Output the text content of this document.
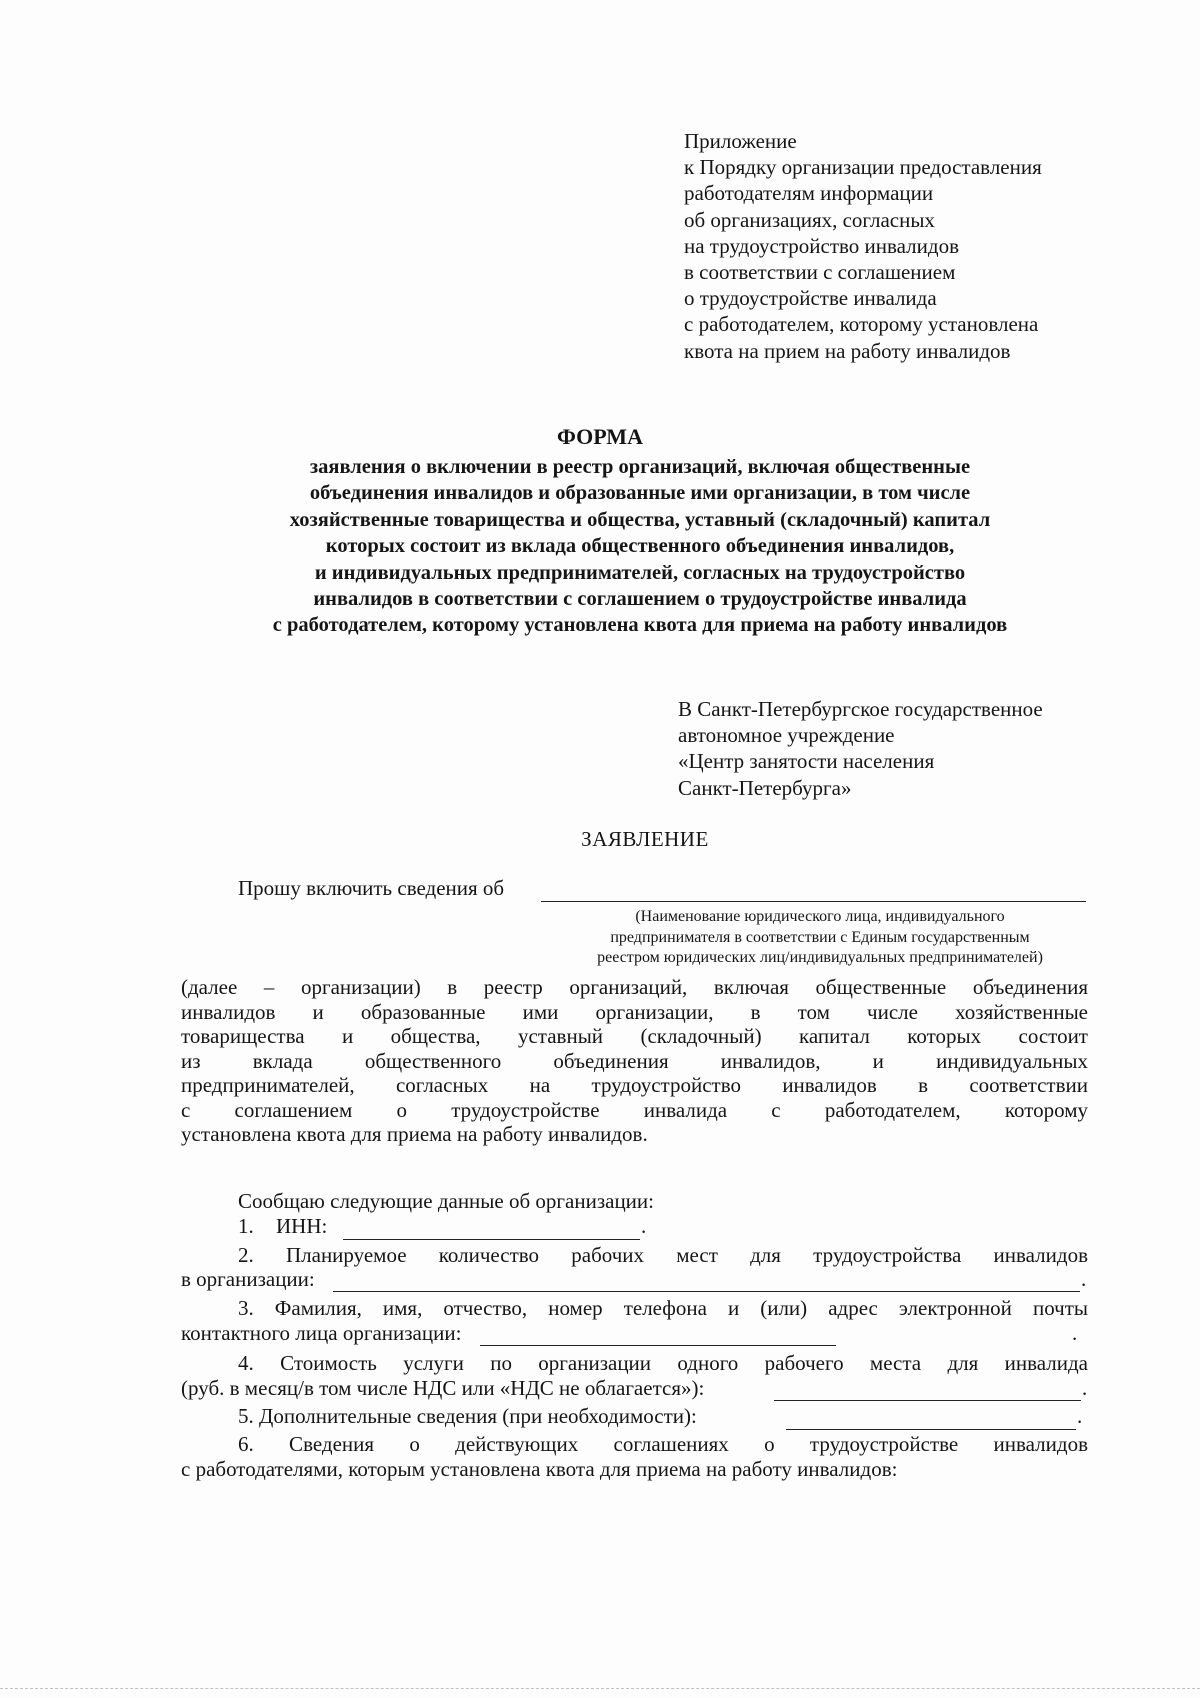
Приложение
к Порядку организации предоставления
работодателям информации
об организациях, согласных
на трудоустройство инвалидов
в соответствии с соглашением
о трудоустройстве инвалида
с работодателем, которому установлена
квота на прием на работу инвалидов
ФОРМА
заявления о включении в реестр организаций, включая общественные
объединения инвалидов и образованные ими организации, в том числе
хозяйственные товарищества и общества, уставный (складочный) капитал
которых состоит из вклада общественного объединения инвалидов,
и индивидуальных предпринимателей, согласных на трудоустройство
инвалидов в соответствии с соглашением о трудоустройстве инвалида
с работодателем, которому установлена квота для приема на работу инвалидов
В Санкт-Петербургское государственное
автономное учреждение
«Центр занятости населения
Санкт-Петербурга»
ЗАЯВЛЕНИЕ
Прошу включить сведения об
(Наименование юридического лица, индивидуального
предпринимателя в соответствии с Единым государственным
реестром юридических лиц/индивидуальных предпринимателей)
(далее – организации) в реестр организаций, включая общественные объединения
инвалидов и образованные ими организации, в том числе хозяйственные
товарищества и общества, уставный (складочный) капитал которых состоит
из вклада общественного объединения инвалидов, и индивидуальных
предпринимателей, согласных на трудоустройство инвалидов в соответствии
с соглашением о трудоустройстве инвалида с работодателем, которому
установлена квота для приема на работу инвалидов.
Сообщаю следующие данные об организации:
1. ИНН:	.
2. Планируемое количество рабочих мест для трудоустройства инвалидов
в организации:	.
3. Фамилия, имя, отчество, номер телефона и (или) адрес электронной почты
контактного лица организации:	.
4. Стоимость услуги по организации одного рабочего места для инвалида
(руб. в месяц/в том числе НДС или «НДС не облагается»):	.
5. Дополнительные сведения (при необходимости):	.
6. Сведения о действующих соглашениях о трудоустройстве инвалидов
с работодателями, которым установлена квота для приема на работу инвалидов:
